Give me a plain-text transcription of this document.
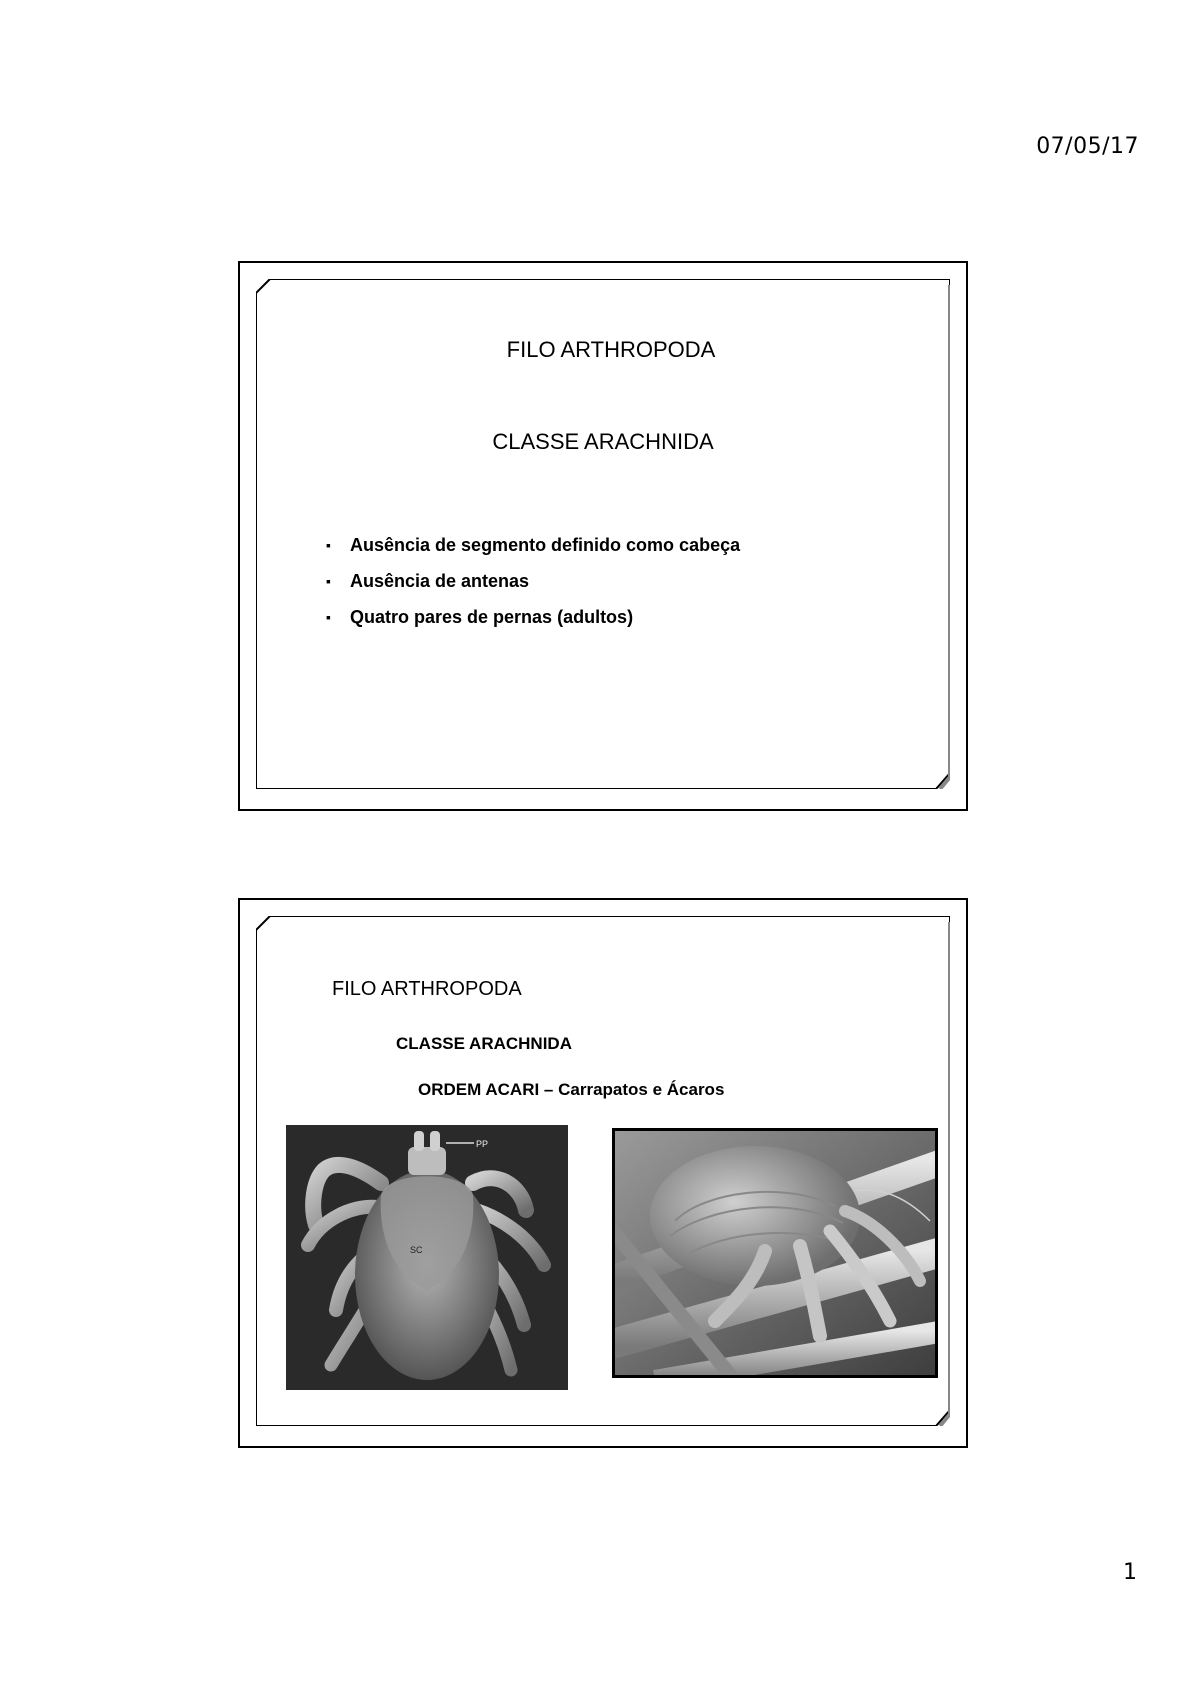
07/05/17
FILO ARTHROPODA
CLASSE ARACHNIDA
▪ Ausência de segmento definido como cabeça
▪ Ausência de antenas
▪ Quatro pares de pernas (adultos)
FILO ARTHROPODA
CLASSE ARACHNIDA
ORDEM ACARI – Carrapatos e Ácaros
PP
SC
1
